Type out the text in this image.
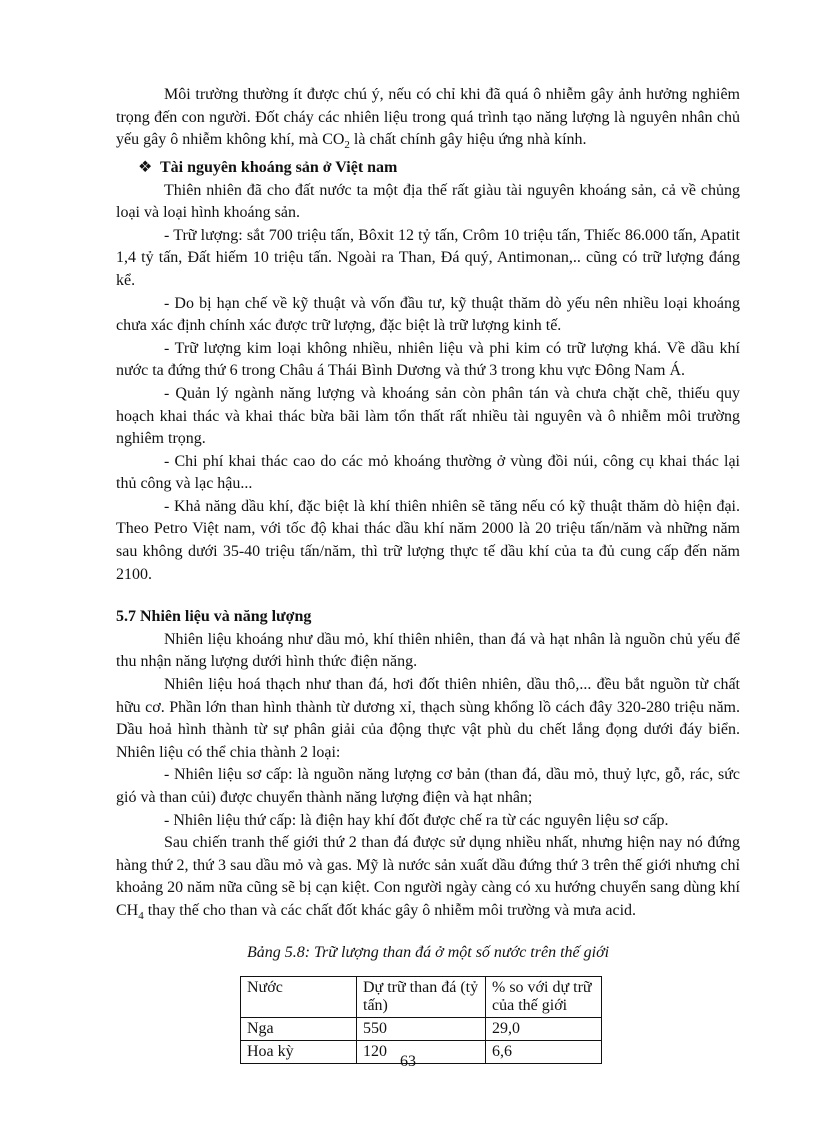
Môi trường thường ít được chú ý, nếu có chỉ khi đã quá ô nhiễm gây ảnh hưởng nghiêm trọng đến con người. Đốt cháy các nhiên liệu trong quá trình tạo năng lượng là nguyên nhân chủ yếu gây ô nhiễm không khí, mà $CO_2$ là chất chính gây hiệu ứng nhà kính.

❖ Tài nguyên khoáng sản ở Việt nam

Thiên nhiên đã cho đất nước ta một địa thế rất giàu tài nguyên khoáng sản, cả về chủng loại và loại hình khoáng sản.

- Trữ lượng: sắt 700 triệu tấn, Bôxit 12 tỷ tấn, Crôm 10 triệu tấn, Thiếc 86.000 tấn, Apatit 1,4 tỷ tấn, Đất hiếm 10 triệu tấn. Ngoài ra Than, Đá quý, Antimonan,.. cũng có trữ lượng đáng kể.

- Do bị hạn chế về kỹ thuật và vốn đầu tư, kỹ thuật thăm dò yếu nên nhiều loại khoáng chưa xác định chính xác được trữ lượng, đặc biệt là trữ lượng kinh tế.

- Trữ lượng kim loại không nhiều, nhiên liệu và phi kim có trữ lượng khá. Về dầu khí nước ta đứng thứ 6 trong Châu á Thái Bình Dương và thứ 3 trong khu vực Đông Nam Á.

- Quản lý ngành năng lượng và khoáng sản còn phân tán và chưa chặt chẽ, thiếu quy hoạch khai thác và khai thác bừa bãi làm tổn thất rất nhiều tài nguyên và ô nhiễm môi trường nghiêm trọng.

- Chi phí khai thác cao do các mỏ khoáng thường ở vùng đồi núi, công cụ khai thác lại thủ công và lạc hậu...

- Khả năng dầu khí, đặc biệt là khí thiên nhiên sẽ tăng nếu có kỹ thuật thăm dò hiện đại. Theo Petro Việt nam, với tốc độ khai thác dầu khí năm 2000 là 20 triệu tấn/năm và những năm sau không dưới 35-40 triệu tấn/năm, thì trữ lượng thực tế dầu khí của ta đủ cung cấp đến năm 2100.

5.7 Nhiên liệu và năng lượng

Nhiên liệu khoáng như dầu mỏ, khí thiên nhiên, than đá và hạt nhân là nguồn chủ yếu để thu nhận năng lượng dưới hình thức điện năng.

Nhiên liệu hoá thạch như than đá, hơi đốt thiên nhiên, dầu thô,... đều bắt nguồn từ chất hữu cơ. Phần lớn than hình thành từ dương xỉ, thạch sùng khổng lồ cách đây 320-280 triệu năm. Dầu hoả hình thành từ sự phân giải của động thực vật phù du chết lắng đọng dưới đáy biển. Nhiên liệu có thể chia thành 2 loại:

- Nhiên liệu sơ cấp: là nguồn năng lượng cơ bản (than đá, dầu mỏ, thuỷ lực, gỗ, rác, sức gió và than củi) được chuyển thành năng lượng điện và hạt nhân;

- Nhiên liệu thứ cấp: là điện hay khí đốt được chế ra từ các nguyên liệu sơ cấp.

Sau chiến tranh thế giới thứ 2 than đá được sử dụng nhiều nhất, nhưng hiện nay nó đứng hàng thứ 2, thứ 3 sau dầu mỏ và gas. Mỹ là nước sản xuất dầu đứng thứ 3 trên thế giới nhưng chỉ khoảng 20 năm nữa cũng sẽ bị cạn kiệt. Con người ngày càng có xu hướng chuyển sang dùng khí $CH_4$ thay thế cho than và các chất đốt khác gây ô nhiễm môi trường và mưa acid.

Bảng 5.8: Trữ lượng than đá ở một số nước trên thế giới

Nước	Dự trữ than đá (tỷ tấn)	% so với dự trữ của thế giới
Nga	550	29,0
Hoa kỳ	120	6,6
63
